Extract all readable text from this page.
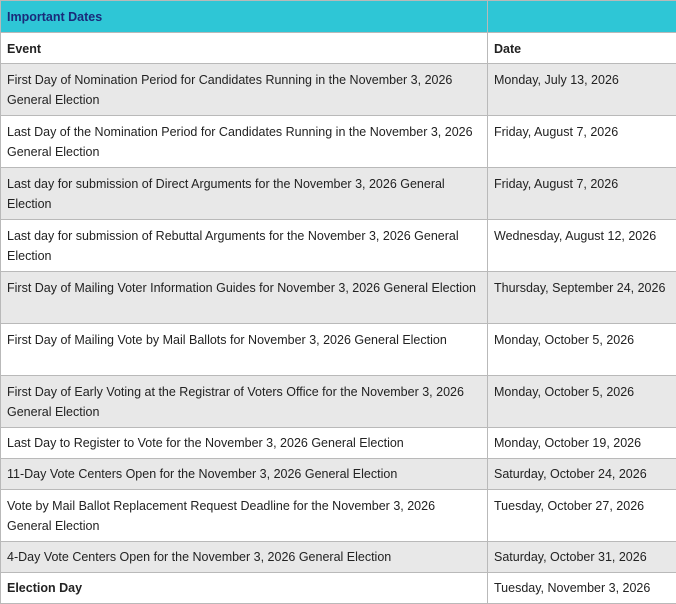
Important Dates	
Event	Date
First Day of Nomination Period for Candidates Running in the November 3, 2026 General Election	Monday, July 13, 2026
Last Day of the Nomination Period for Candidates Running in the November 3, 2026 General Election	Friday, August 7, 2026
Last day for submission of Direct Arguments for the November 3, 2026 General Election	Friday, August 7, 2026
Last day for submission of Rebuttal Arguments for the November 3, 2026 General Election	Wednesday, August 12, 2026
First Day of Mailing Voter Information Guides for November 3, 2026 General Election	Thursday, September 24, 2026
First Day of Mailing Vote by Mail Ballots for November 3, 2026 General Election	Monday, October 5, 2026
First Day of Early Voting at the Registrar of Voters Office for the November 3, 2026 General Election	Monday, October 5, 2026
Last Day to Register to Vote for the November 3, 2026 General Election	Monday, October 19, 2026
11-Day Vote Centers Open for the November 3, 2026 General Election	Saturday, October 24, 2026
Vote by Mail Ballot Replacement Request Deadline for the November 3, 2026 General Election	Tuesday, October 27, 2026
4-Day Vote Centers Open for the November 3, 2026 General Election	Saturday, October 31, 2026
Election Day	Tuesday, November 3, 2026
